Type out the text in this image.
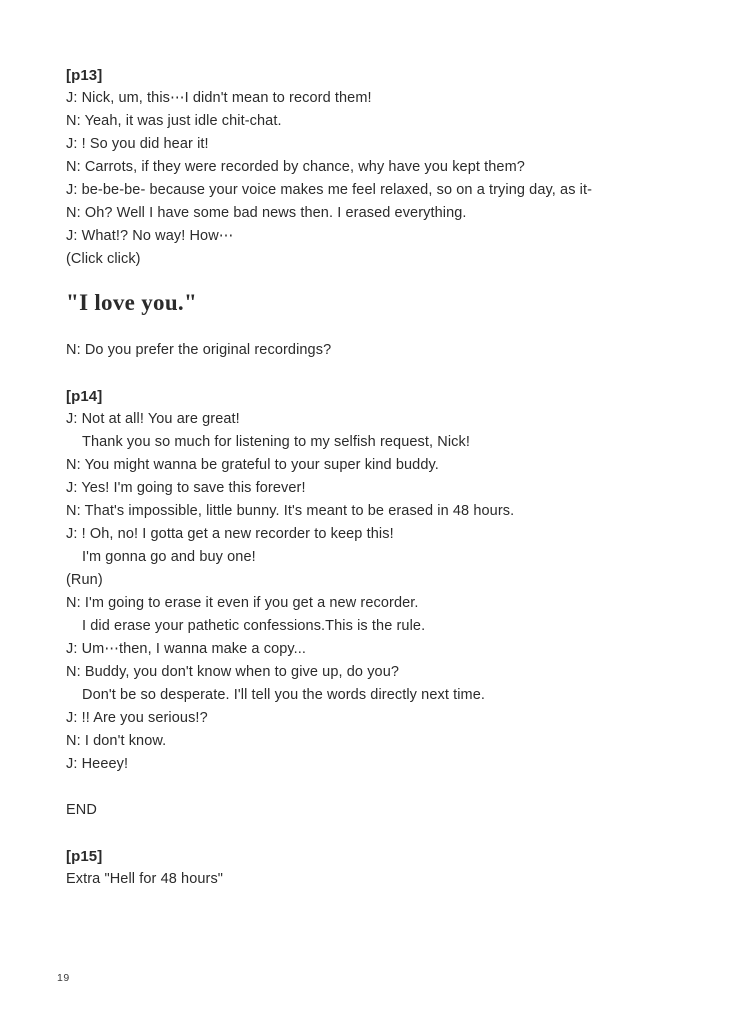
[p13]
J: Nick, um, this⋯I didn't mean to record them!
N: Yeah, it was just idle chit-chat.
J: ! So you did hear it!
N: Carrots, if they were recorded by chance, why have you kept them?
J: be-be-be- because your voice makes me feel relaxed, so on a trying day, as it-
N: Oh? Well I have some bad news then. I erased everything.
J: What!? No way! How⋯
(Click click)
"I love you."
N: Do you prefer the original recordings?
[p14]
J: Not at all! You are great!
Thank you so much for listening to my selfish request, Nick!
N: You might wanna be grateful to your super kind buddy.
J: Yes! I'm going to save this forever!
N: That's impossible, little bunny. It's meant to be erased in 48 hours.
J: ! Oh, no! I gotta get a new recorder to keep this!
I'm gonna go and buy one!
(Run)
N: I'm going to erase it even if you get a new recorder.
I did erase your pathetic confessions.This is the rule.
J: Um⋯then, I wanna make a copy...
N: Buddy, you don't know when to give up, do you?
Don't be so desperate. I'll tell you the words directly next time.
J: !! Are you serious!?
N: I don't know.
J: Heeey!
END
[p15]
Extra "Hell for 48 hours"
19
